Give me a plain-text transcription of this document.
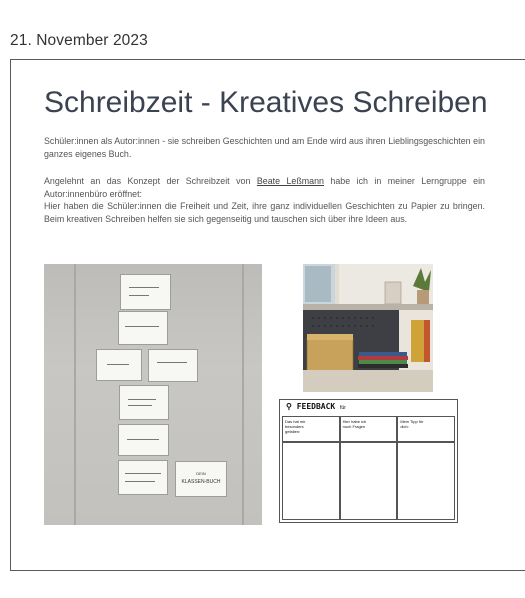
21. November 2023
Schreibzeit - Kreatives Schreiben

Schüler:innen als Autor:innen - sie schreiben Geschichten und am Ende wird aus ihren Lieblingsgeschichten ein ganzes eigenes Buch.

Angelehnt an das Konzept der Schreibzeit von Beate Leßmann habe ich in meiner Lerngruppe ein Autor:innenbüro eröffnet:
Hier haben die Schüler:innen die Freiheit und Zeit, ihre ganz individuellen Geschichten zu Papier zu bringen. Beim kreativen Schreiben helfen sie sich gegenseitig und tauschen sich über ihre Ideen aus.

DEIN
KLASSEN-BUCH
⚲ FEEDBACK für
Das hat mir besonders gefallen:
Hier habe ich noch Fragen
Mein Tipp für dich:
